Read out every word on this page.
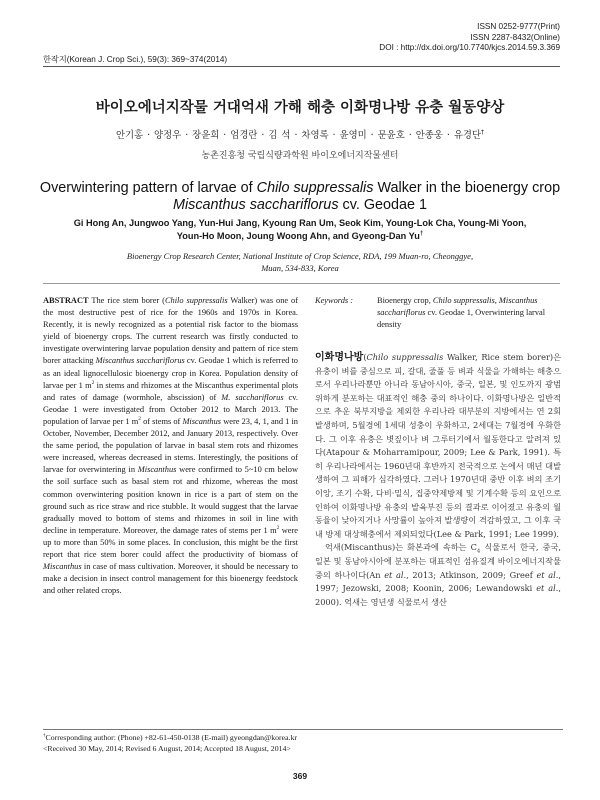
ISSN 0252-9777(Print)
ISSN 2287-8432(Online)
DOI : http://dx.doi.org/10.7740/kjcs.2014.59.3.369
한작지(Korean J. Crop Sci.), 59(3): 369~374(2014)
바이오에너지작물 거대억새 가해 해충 이화명나방 유충 월동양상
안기홍 · 양정우 · 장윤희 · 엄경란 · 김 석 · 차영록 · 윤영미 · 문윤호 · 안종웅 · 유경단†
농촌진흥청 국립식량과학원 바이오에너지작물센터
Overwintering pattern of larvae of Chilo suppressalis Walker in the bioenergy crop
Miscanthus sacchariflorus cv. Geodae 1
Gi Hong An, Jungwoo Yang, Yun-Hui Jang, Kyoung Ran Um, Seok Kim, Young-Lok Cha, Young-Mi Yoon,
Youn-Ho Moon, Joung Woong Ahn, and Gyeong-Dan Yu†
Bioenergy Crop Research Center, National Institute of Crop Science, RDA, 199 Muan-ro, Cheonggye,
Muan, 534-833, Korea

ABSTRACT The rice stem borer (Chilo suppressalis Walker) was one of the most destructive pest of rice for the 1960s and 1970s in Korea. Recently, it is newly recognized as a potential risk factor to the biomass yield of bioenergy crops. The current research was firstly conducted to investigate overwintering larvae population density and pattern of rice stem borer attacking Miscanthus sacchariflorus cv. Geodae 1 which is referred to as an ideal lignocellulosic bioenergy crop in Korea. Population density of larvae per 1 $m^2$ in stems and rhizomes at the Miscanthus experimental plots and rates of damage (wormhole, abscission) of M. sacchariflorus cv. Geodae 1 were investigated from October 2012 to March 2013. The population of larvae per 1 $m^2$ of stems of Miscanthus were 23, 4, 1, and 1 in October, November, December 2012, and January 2013, respectively. Over the same period, the population of larvae in basal stem rots and rhizomes were increased, whereas decreased in stems. Interestingly, the positions of larvae for overwintering in Miscanthus were confirmed to 5~10 cm below the soil surface such as basal stem rot and rhizome, whereas the most common overwintering position known in rice is a part of stem on the ground such as rice straw and rice stubble. It would suggest that the larvae gradually moved to bottom of stems and rhizomes in soil in line with decline in temperature. Moreover, the damage rates of stems per 1 $m^2$ were up to more than 50% in some places. In conclusion, this might be the first report that rice stem borer could affect the productivity of biomass of Miscanthus in case of mass cultivation. Moreover, it should be necessary to make a decision in insect control management for this bioenergy feedstock and other related crops.

Keywords :	Bioenergy crop, Chilo suppressalis, Miscanthus sacchariflorus cv. Geodae 1, Overwintering larval density

이화명나방(Chilo suppressalis Walker, Rice stem borer)은 유충이 벼를 중심으로 피, 갈대, 줄풀 등 벼과 식물을 가해하는 해충으로서 우리나라뿐만 아니라 동남아시아, 중국, 일본, 및 인도까지 광범위하게 분포하는 대표적인 해충 중의 하나이다. 이화명나방은 일반적으로 추운 북부지방을 제외한 우리나라 대부분의 지방에서는 연 2회 발생하며, 5월경에 1세대 성충이 우화하고, 2세대는 7월경에 우화한다. 그 이후 유충은 볏짚이나 벼 그루터기에서 월동한다고 알려져 있다(Atapour & Moharramipour, 2009; Lee & Park, 1991). 특히 우리나라에서는 1960년대 후반까지 전국적으로 논에서 매년 대발생하여 그 피해가 심각하였다. 그러나 1970년대 중반 이후 벼의 조기 이앙, 조기 수확, 다비·밀식, 집중약제방제 및 기계수확 등의 요인으로 인하여 이화명나방 유충의 발육부진 등의 결과로 이어졌고 유충의 월동율이 낮아지거나 사망률이 높아져 발생량이 격감하였고, 그 이후 국내 방제 대상해충에서 제외되었다(Lee & Park, 1991; Lee 1999).

억새(Miscanthus)는 화본과에 속하는 $C_4$ 식물로서 한국, 중국, 일본 및 동남아시아에 분포하는 대표적인 섬유질계 바이오에너지작물 중의 하나이다(An et al., 2013; Atkinson, 2009; Greef et al., 1997; Jezowski, 2008; Koonin, 2006; Lewandowski et al., 2000). 억새는 영년생 식물로서 생산

†Corresponding author: (Phone) +82-61-450-0138 (E-mail) gyeongdan@korea.kr
<Received 30 May, 2014; Revised 6 August, 2014; Accepted 18 August, 2014>
369
